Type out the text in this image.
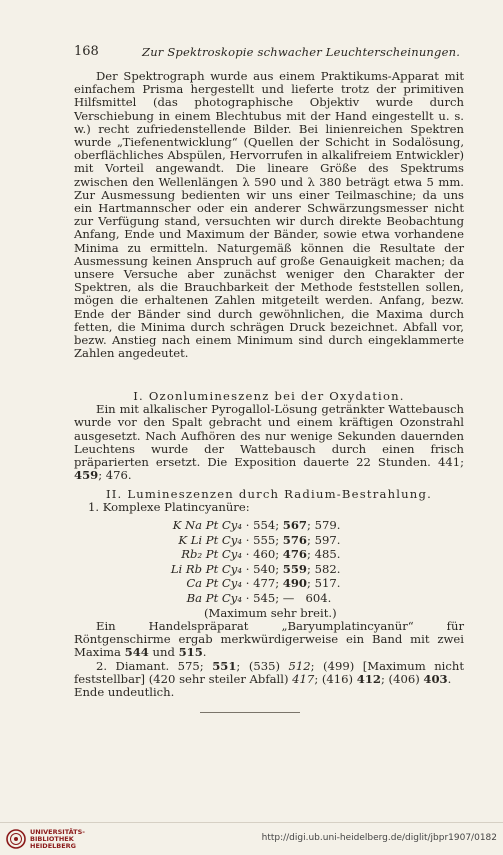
168	Zur Spektroskopie schwacher Leuchterscheinungen.

Der Spektrograph wurde aus einem Praktikums-Apparat mit einfachem Prisma hergestellt und lieferte trotz der primitiven Hilfsmittel (das photographische Objektiv wurde durch Verschiebung in einem Blechtubus mit der Hand eingestellt u. s. w.) recht zufriedenstellende Bilder. Bei linienreichen Spektren wurde „Tiefenentwicklung“ (Quellen der Schicht in Sodalösung, oberflächliches Abspülen, Hervorrufen in alkalifreiem Entwickler) mit Vorteil angewandt. Die lineare Größe des Spektrums zwischen den Wellenlängen λ 590 und λ 380 beträgt etwa 5 mm. Zur Ausmessung bedienten wir uns einer Teilmaschine; da uns ein Hartmannscher oder ein anderer Schwärzungsmesser nicht zur Verfügung stand, versuchten wir durch direkte Beobachtung Anfang, Ende und Maximum der Bänder, sowie etwa vorhandene Minima zu ermitteln. Naturgemäß können die Resultate der Ausmessung keinen Anspruch auf große Genauigkeit machen; da unsere Versuche aber zunächst weniger den Charakter der Spektren, als die Brauchbarkeit der Methode feststellen sollen, mögen die erhaltenen Zahlen mitgeteilt werden. Anfang, bezw. Ende der Bänder sind durch gewöhnlichen, die Maxima durch fetten, die Minima durch schrägen Druck bezeichnet. Abfall vor, bezw. Anstieg nach einem Minimum sind durch eingeklammerte Zahlen angedeutet.

I. Ozonlumineszenz bei der Oxydation.

Ein mit alkalischer Pyrogallol-Lösung getränkter Wattebausch wurde vor den Spalt gebracht und einem kräftigen Ozonstrahl ausgesetzt. Nach Aufhören des nur wenige Sekunden dauernden Leuchtens wurde der Wattebausch durch einen frisch präparierten ersetzt. Die Exposition dauerte 22 Stunden. 441; 459; 476.

II. Lumineszenzen durch Radium-Bestrahlung.

1. Komplexe Platincyanüre:

K Na Pt Cy₄ · 554; 567; 579.
K Li Pt Cy₄ · 555; 576; 597.
Rb₂ Pt Cy₄ · 460; 476; 485.
Li Rb Pt Cy₄ · 540; 559; 582.
Ca Pt Cy₄ · 477; 490; 517.
Ba Pt Cy₄ · 545; — 604.
(Maximum sehr breit.)

Ein Handelspräparat „Baryumplatincyanür“ für Röntgenschirme ergab merkwürdigerweise ein Band mit zwei Maxima 544 und 515.

2. Diamant. 575; 551; (535) 512; (499) [Maximum nicht feststellbar] (420 sehr steiler Abfall) 417; (416) 412; (406) 403.

Ende undeutlich.

UNIVERSITÄTS-
BIBLIOTHEK
HEIDELBERG
http://digi.ub.uni-heidelberg.de/diglit/jbpr1907/0182
